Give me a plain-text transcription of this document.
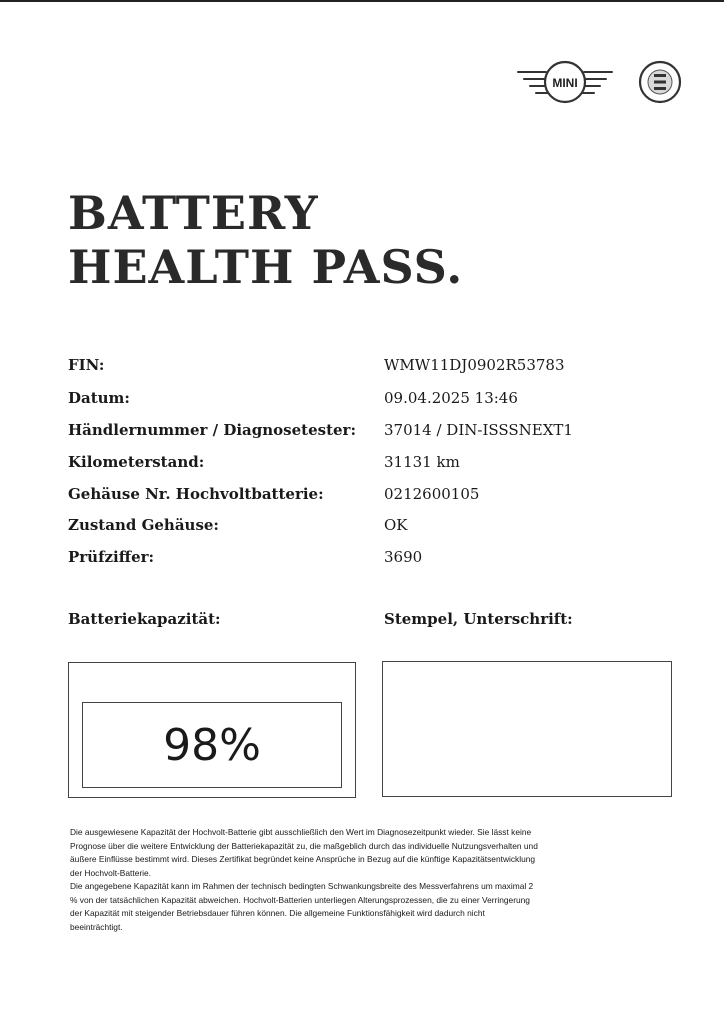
MINI
BATTERY
HEALTH PASS.
FIN:	WMW11DJ0902R53783
Datum:	09.04.2025 13:46
Händlernummer / Diagnosetester: 37014 / DIN-ISSSNEXT1
Kilometerstand:	31131 km
Gehäuse Nr. Hochvoltbatterie:	0212600105
Zustand Gehäuse:	OK
Prüfziffer:	3690
Batteriekapazität:	Stempel, Unterschrift:
98%

Die ausgewiesene Kapazität der Hochvolt-Batterie gibt ausschließlich den Wert im Diagnosezeitpunkt wieder. Sie lässt keine

Prognose über die weitere Entwicklung der Batteriekapazität zu, die maßgeblich durch das individuelle Nutzungsverhalten und

äußere Einflüsse bestimmt wird. Dieses Zertifikat begründet keine Ansprüche in Bezug auf die künftige Kapazitätsentwicklung

der Hochvolt-Batterie.

Die angegebene Kapazität kann im Rahmen der technisch bedingten Schwankungsbreite des Messverfahrens um maximal 2

% von der tatsächlichen Kapazität abweichen. Hochvolt-Batterien unterliegen Alterungsprozessen, die zu einer Verringerung

der Kapazität mit steigender Betriebsdauer führen können. Die allgemeine Funktionsfähigkeit wird dadurch nicht

beeinträchtigt.
